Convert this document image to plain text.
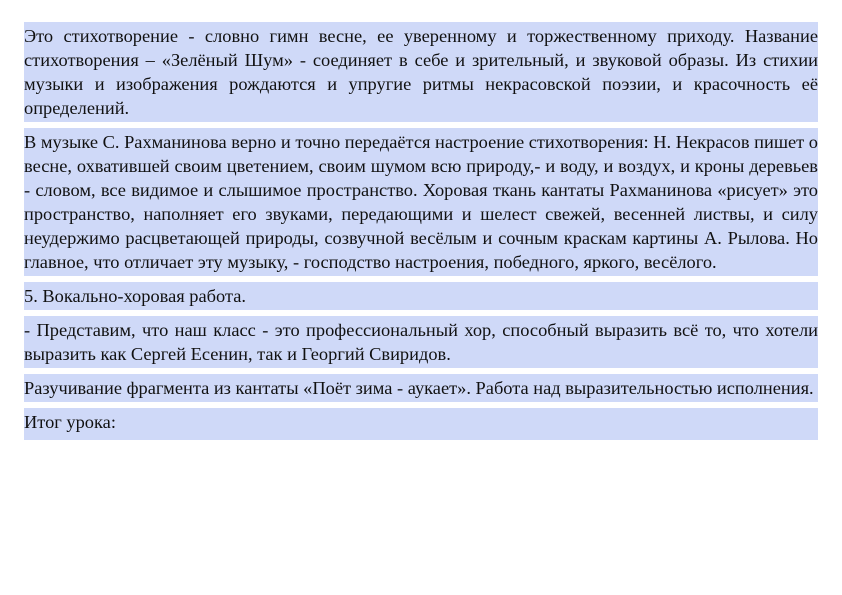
Это стихотворение - словно гимн весне, ее уверенному и торжественному приходу. Название стихотворения – «Зелёный Шум» - соединяет в себе и зрительный, и звуковой образы. Из стихии музыки и изображения рождаются и упругие ритмы некрасовской поэзии, и красочность её определений.

В музыке С. Рахманинова верно и точно передаётся настроение стихотворения: Н. Некрасов пишет о весне, охватившей своим цветением, своим шумом всю природу,- и воду, и воздух, и кроны деревьев - словом, все видимое и слышимое пространство. Хоровая ткань кантаты Рахманинова «рисует» это пространство, наполняет его звуками, передающими и шелест свежей, весенней листвы, и силу неудержимо расцветающей природы, созвучной весёлым и сочным краскам картины А. Рылова. Но главное, что отличает эту музыку, - господство настроения, победного, яркого, весёлого.

5. Вокально-хоровая работа.

- Представим, что наш класс - это профессиональный хор, способный выразить всё то, что хотели выразить как Сергей Есенин, так и Георгий Свиридов.

Разучивание фрагмента из кантаты «Поёт зима - аукает». Работа над выразительностью исполнения.

Итог урока:
